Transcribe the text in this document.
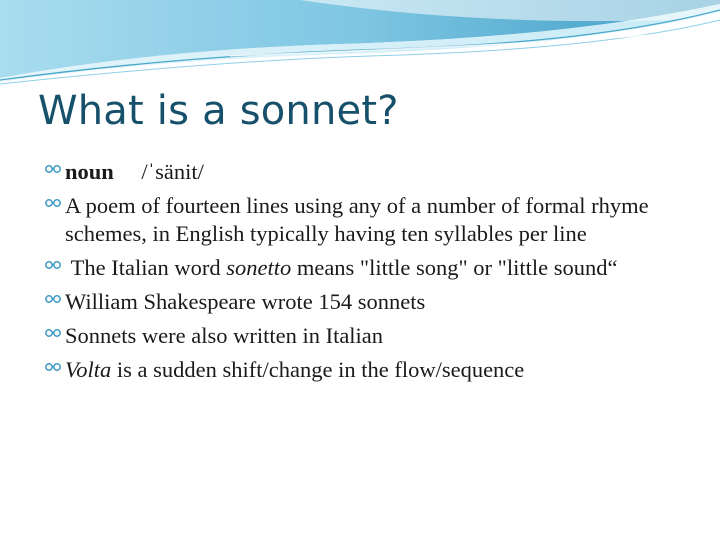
What is a sonnet?
noun /ˈsänit/
A poem of fourteen lines using any of a number of formal rhyme schemes, in English typically having ten syllables per line
The Italian word sonetto means "little song" or "little sound“
William Shakespeare wrote 154 sonnets
Sonnets were also written in Italian
Volta is a sudden shift/change in the flow/sequence
